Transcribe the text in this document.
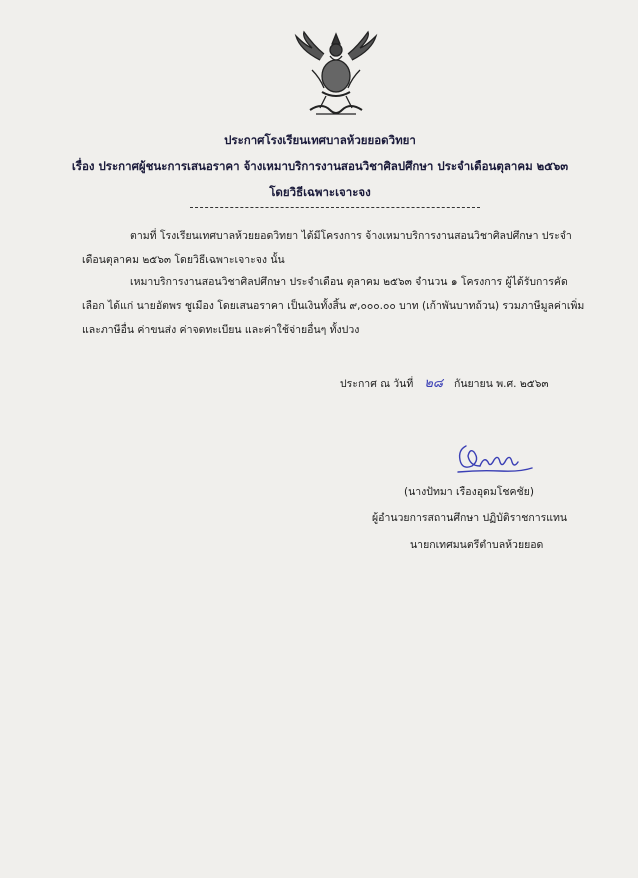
ประกาศโรงเรียนเทศบาลห้วยยอดวิทยา
เรื่อง ประกาศผู้ชนะการเสนอราคา จ้างเหมาบริการงานสอนวิชาศิลปศึกษา ประจำเดือนตุลาคม ๒๕๖๓
โดยวิธีเฉพาะเจาะจง
ตามที่ โรงเรียนเทศบาลห้วยยอดวิทยา ได้มีโครงการ จ้างเหมาบริการงานสอนวิชาศิลปศึกษา ประจำ
เดือนตุลาคม ๒๕๖๓ โดยวิธีเฉพาะเจาะจง นั้น
เหมาบริการงานสอนวิชาศิลปศึกษา ประจำเดือน ตุลาคม ๒๕๖๓ จำนวน ๑ โครงการ ผู้ได้รับการคัด
เลือก ได้แก่ นายอัตพร ชูเมือง โดยเสนอราคา เป็นเงินทั้งสิ้น ๙,๐๐๐.๐๐ บาท (เก้าพันบาทถ้วน) รวมภาษีมูลค่าเพิ่ม
และภาษีอื่น ค่าขนส่ง ค่าจดทะเบียน และค่าใช้จ่ายอื่นๆ ทั้งปวง
ประกาศ ณ วันที่ ๒๘ กันยายน พ.ศ. ๒๕๖๓
(นางปัทมา เรืองอุดมโชคชัย)
ผู้อำนวยการสถานศึกษา ปฏิบัติราชการแทน
นายกเทศมนตรีตำบลห้วยยอด
